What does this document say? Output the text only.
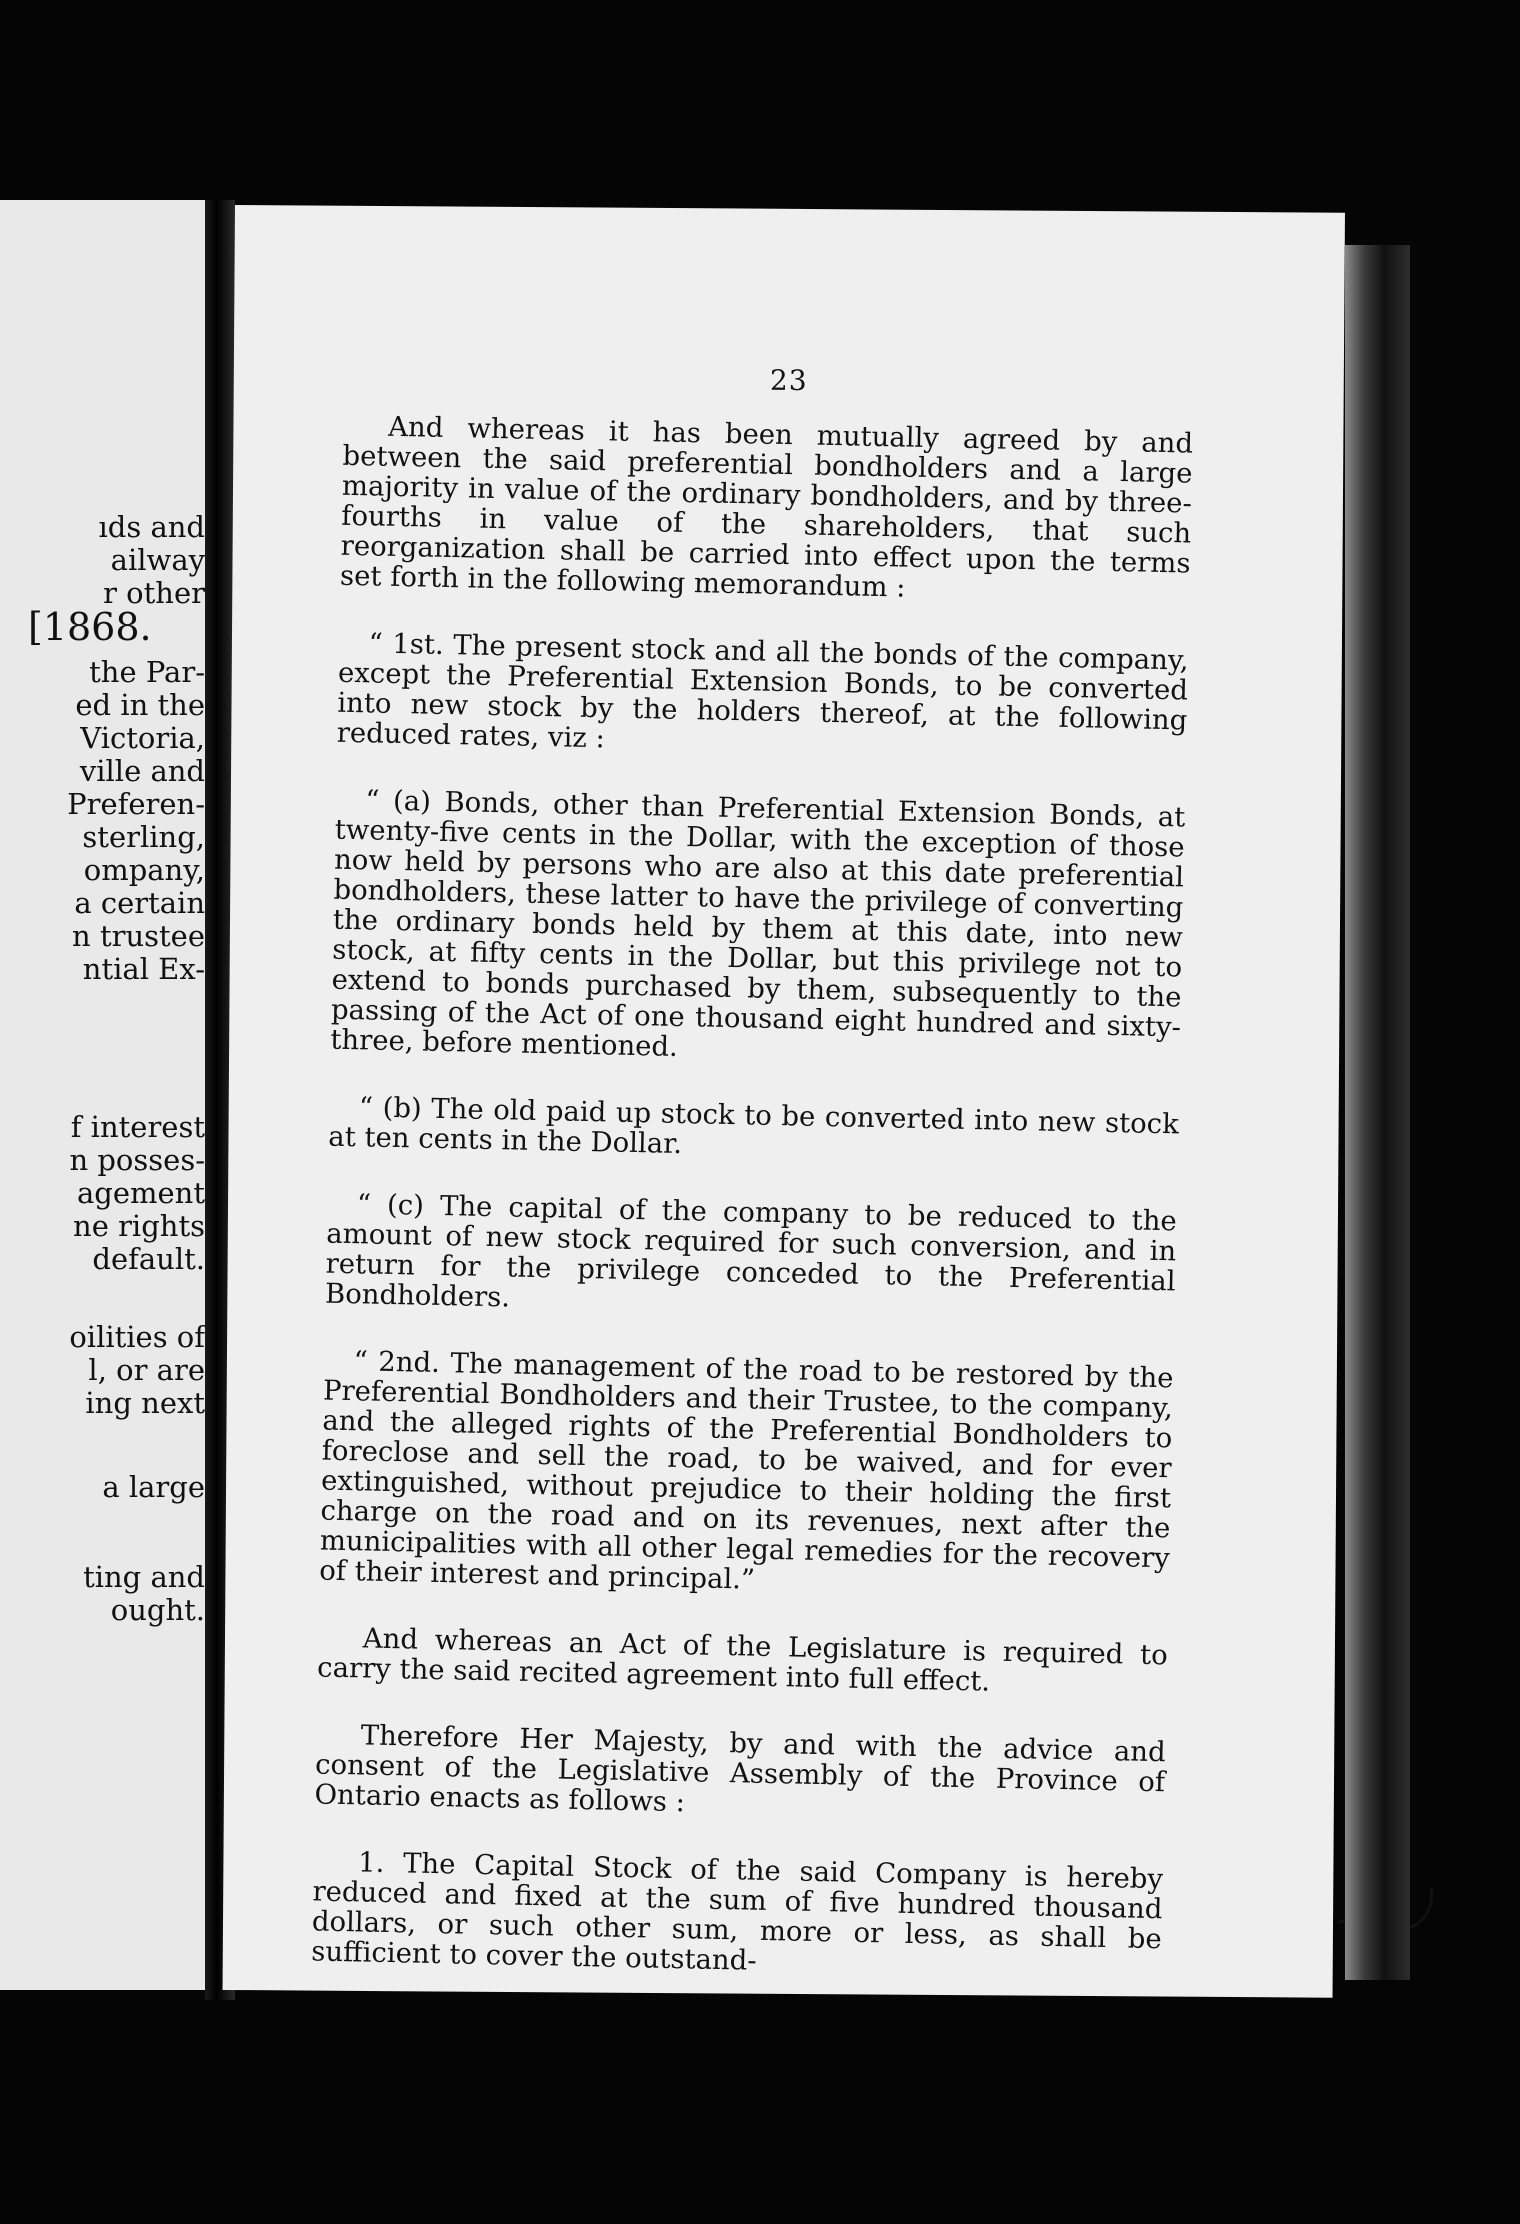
[1868.
ıds and
ailway
r other
the Par-
ed in the
Victoria,
ville and
Preferen-
sterling,
ompany,
a certain
n trustee
ntial Ex-
f interest
n posses-
agement
ne rights
default.
oilities of
l, or are
ing next
a large
ting and
ought.
23

And whereas it has been mutually agreed by and between the said preferential bondholders and a large majority in value of the ordinary bondholders, and by three-fourths in value of the shareholders, that such reorganization shall be carried into effect upon the terms set forth in the following memorandum :

“ 1st. The present stock and all the bonds of the company, except the Preferential Extension Bonds, to be converted into new stock by the holders thereof, at the following reduced rates, viz :

“ (a) Bonds, other than Preferential Extension Bonds, at twenty-five cents in the Dollar, with the exception of those now held by persons who are also at this date preferential bondholders, these latter to have the privilege of converting the ordinary bonds held by them at this date, into new stock, at fifty cents in the Dollar, but this privilege not to extend to bonds purchased by them, subsequently to the passing of the Act of one thousand eight hundred and sixty-three, before mentioned.

“ (b) The old paid up stock to be converted into new stock at ten cents in the Dollar.

“ (c) The capital of the company to be reduced to the amount of new stock required for such conversion, and in return for the privilege conceded to the Preferential Bondholders.

“ 2nd. The management of the road to be restored by the Preferential Bondholders and their Trustee, to the company, and the alleged rights of the Preferential Bondholders to foreclose and sell the road, to be waived, and for ever extinguished, without prejudice to their holding the first charge on the road and on its revenues, next after the municipalities with all other legal remedies for the recovery of their interest and principal.”

And whereas an Act of the Legislature is required to carry the said recited agreement into full effect.

Therefore Her Majesty, by and with the advice and consent of the Legislative Assembly of the Province of Ontario enacts as follows :

1. The Capital Stock of the said Company is hereby reduced and fixed at the sum of five hundred thousand dollars, or such other sum, more or less, as shall be sufficient to cover the outstand-
